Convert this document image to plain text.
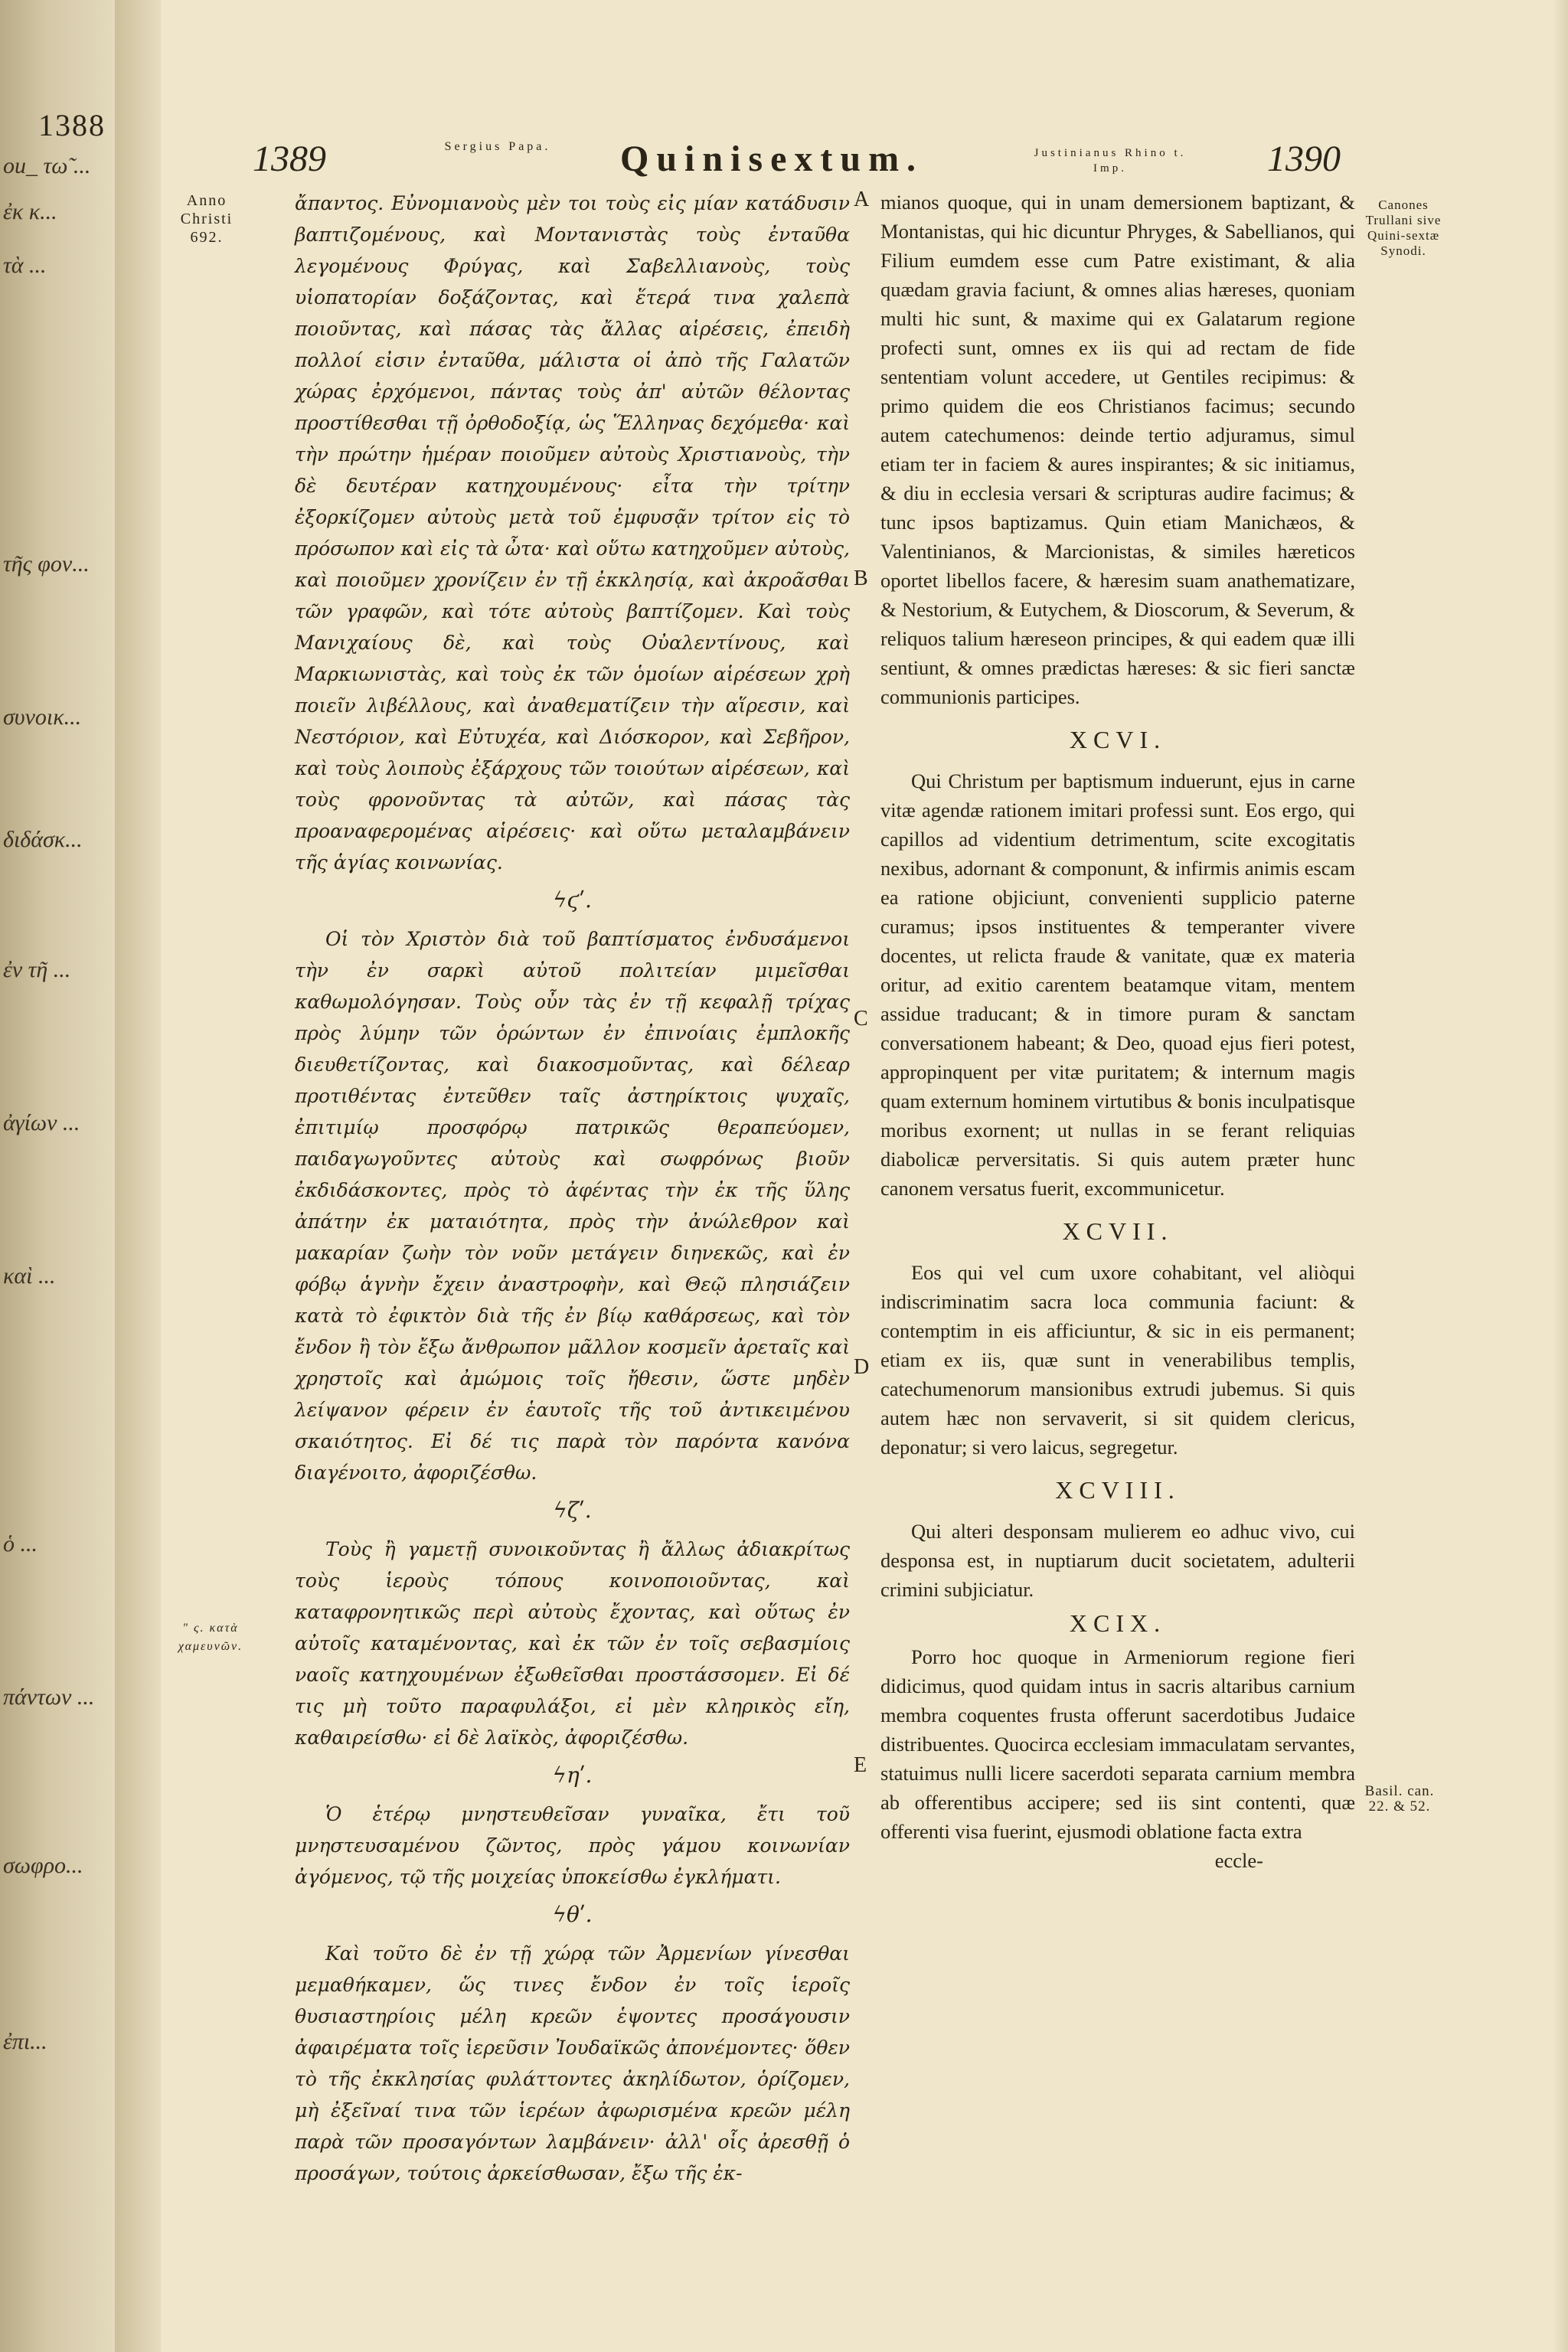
1388
ou_ τω̃ ...
ἐκ κ...
τὰ ...
τῆς φον...
συνοικ...
διδάσκ...
ἐν τῆ ...
ἀγίων ...
καὶ ...
ὁ ...
πάντων ...
σωφρο...
ἐπι...
1389	Sergius Papa.	Quinisextum.	Justinianus Rhino t. Imp.	1390
Anno Christi 692.
Canones Trullani sive Quini-sextæ Synodi.
" ς. κατὰ χαμευνῶν.
Basil. can. 22. & 52.
A
B
C
D
E

ἄπαντος. Εὐνομιανοὺς μὲν τοι τοὺς εἰς μίαν κατάδυσιν βαπτιζομένους, καὶ Μοντανιστὰς τοὺς ἐνταῦθα λεγομένους Φρύγας, καὶ Σαβελλιανοὺς, τοὺς υἱοπατορίαν δοξάζοντας, καὶ ἕτερά τινα χαλεπὰ ποιοῦντας, καὶ πάσας τὰς ἄλλας αἱρέσεις, ἐπειδὴ πολλοί εἰσιν ἐνταῦθα, μάλιστα οἱ ἀπὸ τῆς Γαλατῶν χώρας ἐρχόμενοι, πάντας τοὺς ἀπ' αὐτῶν θέλοντας προστίθεσθαι τῇ ὀρθοδοξίᾳ, ὡς Ἕλληνας δεχόμεθα· καὶ τὴν πρώτην ἡμέραν ποιοῦμεν αὐτοὺς Χριστιανοὺς, τὴν δὲ δευτέραν κατηχουμένους· εἶτα τὴν τρίτην ἐξορκίζομεν αὐτοὺς μετὰ τοῦ ἐμφυσᾷν τρίτον εἰς τὸ πρόσωπον καὶ εἰς τὰ ὦτα· καὶ οὕτω κατηχοῦμεν αὐτοὺς, καὶ ποιοῦμεν χρονίζειν ἐν τῇ ἐκκλησίᾳ, καὶ ἀκροᾶσθαι τῶν γραφῶν, καὶ τότε αὐτοὺς βαπτίζομεν. Καὶ τοὺς Μανιχαίους δὲ, καὶ τοὺς Οὐαλεντίνους, καὶ Μαρκιωνιστὰς, καὶ τοὺς ἐκ τῶν ὁμοίων αἱρέσεων χρὴ ποιεῖν λιβέλλους, καὶ ἀναθεματίζειν τὴν αἵρεσιν, καὶ Νεστόριον, καὶ Εὐτυχέα, καὶ Διόσκορον, καὶ Σεβῆρον, καὶ τοὺς λοιποὺς ἐξάρχους τῶν τοιούτων αἱρέσεων, καὶ τοὺς φρονοῦντας τὰ αὐτῶν, καὶ πάσας τὰς προαναφερομένας αἱρέσεις· καὶ οὕτω μεταλαμβάνειν τῆς ἁγίας κοινωνίας.

ϟϛʹ.

Οἱ τὸν Χριστὸν διὰ τοῦ βαπτίσματος ἐνδυσάμενοι τὴν ἐν σαρκὶ αὐτοῦ πολιτείαν μιμεῖσθαι καθωμολόγησαν. Τοὺς οὖν τὰς ἐν τῇ κεφαλῇ τρίχας πρὸς λύμην τῶν ὁρώντων ἐν ἐπινοίαις ἐμπλοκῆς διευθετίζοντας, καὶ διακοσμοῦντας, καὶ δέλεαρ προτιθέντας ἐντεῦθεν ταῖς ἀστηρίκτοις ψυχαῖς, ἐπιτιμίῳ προσφόρῳ πατρικῶς θεραπεύομεν, παιδαγωγοῦντες αὐτοὺς καὶ σωφρόνως βιοῦν ἐκδιδάσκοντες, πρὸς τὸ ἀφέντας τὴν ἐκ τῆς ὕλης ἀπάτην ἐκ ματαιότητα, πρὸς τὴν ἀνώλεθρον καὶ μακαρίαν ζωὴν τὸν νοῦν μετάγειν διηνεκῶς, καὶ ἐν φόβῳ ἁγνὴν ἔχειν ἀναστροφὴν, καὶ Θεῷ πλησιάζειν κατὰ τὸ ἐφικτὸν διὰ τῆς ἐν βίῳ καθάρσεως, καὶ τὸν ἔνδον ἢ τὸν ἔξω ἄνθρωπον μᾶλλον κοσμεῖν ἀρεταῖς καὶ χρηστοῖς καὶ ἀμώμοις τοῖς ἤθεσιν, ὥστε μηδὲν λείψανον φέρειν ἐν ἑαυτοῖς τῆς τοῦ ἀντικειμένου σκαιότητος. Εἰ δέ τις παρὰ τὸν παρόντα κανόνα διαγένοιτο, ἀφοριζέσθω.

ϟζʹ.

Τοὺς ἢ γαμετῇ συνοικοῦντας ἢ ἄλλως ἀδιακρίτως τοὺς ἱεροὺς τόπους κοινοποιοῦντας, καὶ καταφρονητικῶς περὶ αὐτοὺς ἔχοντας, καὶ οὕτως ἐν αὐτοῖς καταμένοντας, καὶ ἐκ τῶν ἐν τοῖς σεβασμίοις ναοῖς κατηχουμένων ἐξωθεῖσθαι προστάσσομεν. Εἰ δέ τις μὴ τοῦτο παραφυλάξοι, εἰ μὲν κληρικὸς εἴη, καθαιρείσθω· εἰ δὲ λαϊκὸς, ἀφοριζέσθω.

ϟηʹ.

Ὁ ἑτέρῳ μνηστευθεῖσαν γυναῖκα, ἔτι τοῦ μνηστευσαμένου ζῶντος, πρὸς γάμου κοινωνίαν ἀγόμενος, τῷ τῆς μοιχείας ὑποκείσθω ἐγκλήματι.

ϟθʹ.

Καὶ τοῦτο δὲ ἐν τῇ χώρᾳ τῶν Ἀρμενίων γίνεσθαι μεμαθήκαμεν, ὥς τινες ἔνδον ἐν τοῖς ἱεροῖς θυσιαστηρίοις μέλη κρεῶν ἑψοντες προσάγουσιν ἀφαιρέματα τοῖς ἱερεῦσιν Ἰουδαϊκῶς ἀπονέμοντες· ὅθεν τὸ τῆς ἐκκλησίας φυλάττοντες ἀκηλίδωτον, ὁρίζομεν, μὴ ἐξεῖναί τινα τῶν ἱερέων ἀφωρισμένα κρεῶν μέλη παρὰ τῶν προσαγόντων λαμβάνειν· ἀλλ' οἷς ἀρεσθῇ ὁ προσάγων, τούτοις ἀρκείσθωσαν, ἔξω τῆς ἐκ-

mianos quoque, qui in unam demersionem baptizant, & Montanistas, qui hic dicuntur Phryges, & Sabellianos, qui Filium eumdem esse cum Patre existimant, & alia quædam gravia faciunt, & omnes alias hæreses, quoniam multi hic sunt, & maxime qui ex Galatarum regione profecti sunt, omnes ex iis qui ad rectam de fide sententiam volunt accedere, ut Gentiles recipimus: & primo quidem die eos Christianos facimus; secundo autem catechumenos: deinde tertio adjuramus, simul etiam ter in faciem & aures inspirantes; & sic initiamus, & diu in ecclesia versari & scripturas audire facimus; & tunc ipsos baptizamus. Quin etiam Manichæos, & Valentinianos, & Marcionistas, & similes hæreticos oportet libellos facere, & hæresim suam anathematizare, & Nestorium, & Eutychem, & Dioscorum, & Severum, & reliquos talium hæreseon principes, & qui eadem quæ illi sentiunt, & omnes prædictas hæreses: & sic fieri sanctæ communionis participes.

XCVI.

Qui Christum per baptismum induerunt, ejus in carne vitæ agendæ rationem imitari professi sunt. Eos ergo, qui capillos ad videntium detrimentum, scite excogitatis nexibus, adornant & componunt, & infirmis animis escam ea ratione objiciunt, convenienti supplicio paterne curamus; ipsos instituentes & temperanter vivere docentes, ut relicta fraude & vanitate, quæ ex materia oritur, ad exitio carentem beatamque vitam, mentem assidue traducant; & in timore puram & sanctam conversationem habeant; & Deo, quoad ejus fieri potest, appropinquent per vitæ puritatem; & internum magis quam externum hominem virtutibus & bonis inculpatisque moribus exornent; ut nullas in se ferant reliquias diabolicæ perversitatis. Si quis autem præter hunc canonem versatus fuerit, excommunicetur.

XCVII.

Eos qui vel cum uxore cohabitant, vel aliòqui indiscriminatim sacra loca communia faciunt: & contemptim in eis afficiuntur, & sic in eis permanent; etiam ex iis, quæ sunt in venerabilibus templis, catechumenorum mansionibus extrudi jubemus. Si quis autem hæc non servaverit, si sit quidem clericus, deponatur; si vero laicus, segregetur.

XCVIII.

Qui alteri desponsam mulierem eo adhuc vivo, cui desponsa est, in nuptiarum ducit societatem, adulterii crimini subjiciatur.

XCIX.

Porro hoc quoque in Armeniorum regione fieri didicimus, quod quidam intus in sacris altaribus carnium membra coquentes frusta offerunt sacerdotibus Judaice distribuentes. Quocirca ecclesiam immaculatam servantes, statuimus nulli licere sacerdoti separata carnium membra ab offerentibus accipere; sed iis sint contenti, quæ offerenti visa fuerint, ejusmodi oblatione facta extra

eccle-
